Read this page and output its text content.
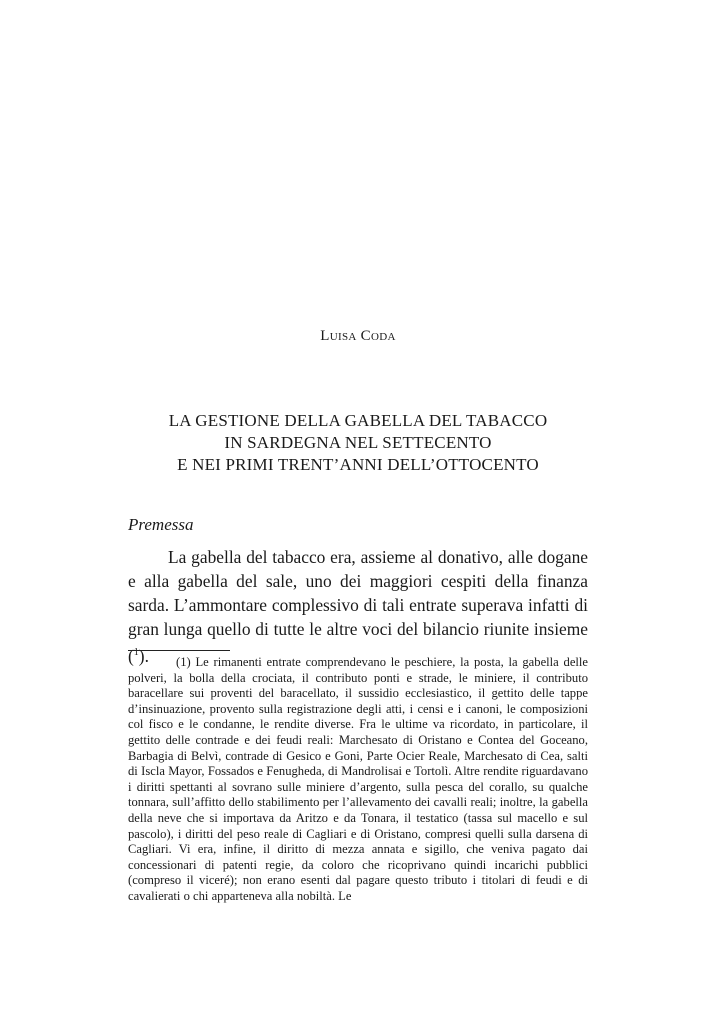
Luisa Coda
LA GESTIONE DELLA GABELLA DEL TABACCO
IN SARDEGNA NEL SETTECENTO
E NEI PRIMI TRENT’ANNI DELL’OTTOCENTO
Premessa

La gabella del tabacco era, assieme al donativo, alle dogane e alla gabella del sale, uno dei maggiori cespiti della finanza sarda. L’ammontare complessivo di tali entrate superava infatti di gran lunga quello di tutte le altre voci del bilancio riunite insieme ($^1$).	(1) Le rimanenti entrate comprendevano le peschiere, la posta, la gabella delle polveri, la bolla della crociata, il contributo ponti e strade, le miniere, il contributo baracellare sui proventi del baracellato, il sussidio ecclesiastico, il gettito delle tappe d’insinuazione, provento sulla registrazione degli atti, i censi e i canoni, le composizioni col fisco e le condanne, le rendite diverse. Fra le ultime va ricordato, in particolare, il gettito delle contrade e dei feudi reali: Marchesato di Oristano e Contea del Goceano, Barbagia di Belvì, contrade di Gesico e Goni, Parte Ocier Reale, Marchesato di Cea, salti di Iscla Mayor, Fossados e Fenugheda, di Mandrolisai e Tortolì. Altre rendite riguardavano i diritti spettanti al sovrano sulle miniere d’argento, sulla pesca del corallo, su qualche tonnara, sull’affitto dello stabilimento per l’allevamento dei cavalli reali; inoltre, la gabella della neve che si importava da Aritzo e da Tonara, il testatico (tassa sul macello e sul pascolo), i diritti del peso reale di Cagliari e di Oristano, compresi quelli sulla darsena di Cagliari. Vi era, infine, il diritto di mezza annata e sigillo, che veniva pagato dai concessionari di patenti regie, da coloro che ricoprivano quindi incarichi pubblici (compreso il viceré); non erano esenti dal pagare questo tributo i titolari di feudi e di cavalierati o chi apparteneva alla nobiltà. Le
